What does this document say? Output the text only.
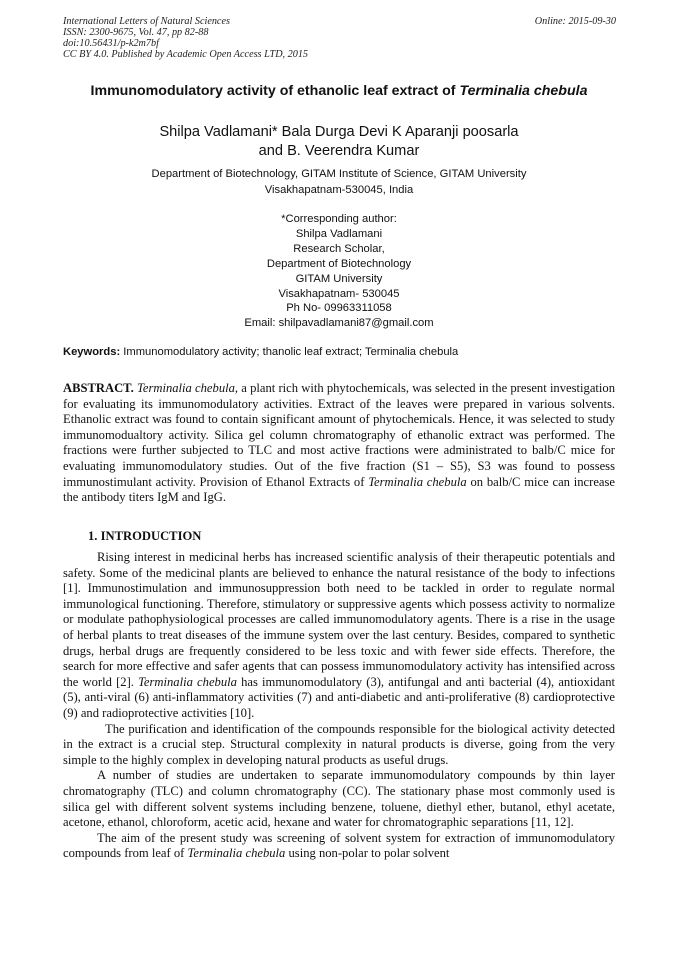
International Letters of Natural Sciences
ISSN: 2300-9675, Vol. 47, pp 82-88
doi:10.56431/p-k2m7bf
CC BY 4.0. Published by Academic Open Access LTD, 2015
Online: 2015-09-30
Immunomodulatory activity of ethanolic leaf extract of Terminalia chebula
Shilpa Vadlamani* Bala Durga Devi K Aparanji poosarla
and B. Veerendra Kumar
Department of Biotechnology, GITAM Institute of Science, GITAM University
Visakhapatnam-530045, India
*Corresponding author:
Shilpa Vadlamani
Research Scholar,
Department of Biotechnology
GITAM University
Visakhapatnam- 530045
Ph No- 09963311058
Email: shilpavadlamani87@gmail.com
Keywords: Immunomodulatory activity; thanolic leaf extract; Terminalia chebula
ABSTRACT. Terminalia chebula, a plant rich with phytochemicals, was selected in the present investigation for evaluating its immunomodulatory activities. Extract of the leaves were prepared in various solvents. Ethanolic extract was found to contain significant amount of phytochemicals. Hence, it was selected to study immunomodualtory activity. Silica gel column chromatography of ethanolic extract was performed. The fractions were further subjected to TLC and most active fractions were administrated to balb/C mice for evaluating immunomodulatory studies. Out of the five fraction (S1 – S5), S3 was found to possess immunostimulant activity. Provision of Ethanol Extracts of Terminalia chebula on balb/C mice can increase the antibody titers IgM and IgG.
1. INTRODUCTION

Rising interest in medicinal herbs has increased scientific analysis of their therapeutic potentials and safety. Some of the medicinal plants are believed to enhance the natural resistance of the body to infections [1]. Immunostimulation and immunosuppression both need to be tackled in order to regulate normal immunological functioning. Therefore, stimulatory or suppressive agents which possess activity to normalize or modulate pathophysiological processes are called immunomodulatory agents. There is a rise in the usage of herbal plants to treat diseases of the immune system over the last century. Besides, compared to synthetic drugs, herbal drugs are frequently considered to be less toxic and with fewer side effects. Therefore, the search for more effective and safer agents that can possess immunomodulatory activity has intensified across the world [2]. Terminalia chebula has immunomodulatory (3), antifungal and anti bacterial (4), antioxidant (5), anti-viral (6) anti-inflammatory activities (7) and anti-diabetic and anti-proliferative (8) cardioprotective (9) and radioprotective activities [10].

The purification and identification of the compounds responsible for the biological activity detected in the extract is a crucial step. Structural complexity in natural products is diverse, going from the very simple to the highly complex in developing natural products as useful drugs.

A number of studies are undertaken to separate immunomodulatory compounds by thin layer chromatography (TLC) and column chromatography (CC). The stationary phase most commonly used is silica gel with different solvent systems including benzene, toluene, diethyl ether, butanol, ethyl acetate, acetone, ethanol, chloroform, acetic acid, hexane and water for chromatographic separations [11, 12].

The aim of the present study was screening of solvent system for extraction of immunomodulatory compounds from leaf of Terminalia chebula using non-polar to polar solvent
